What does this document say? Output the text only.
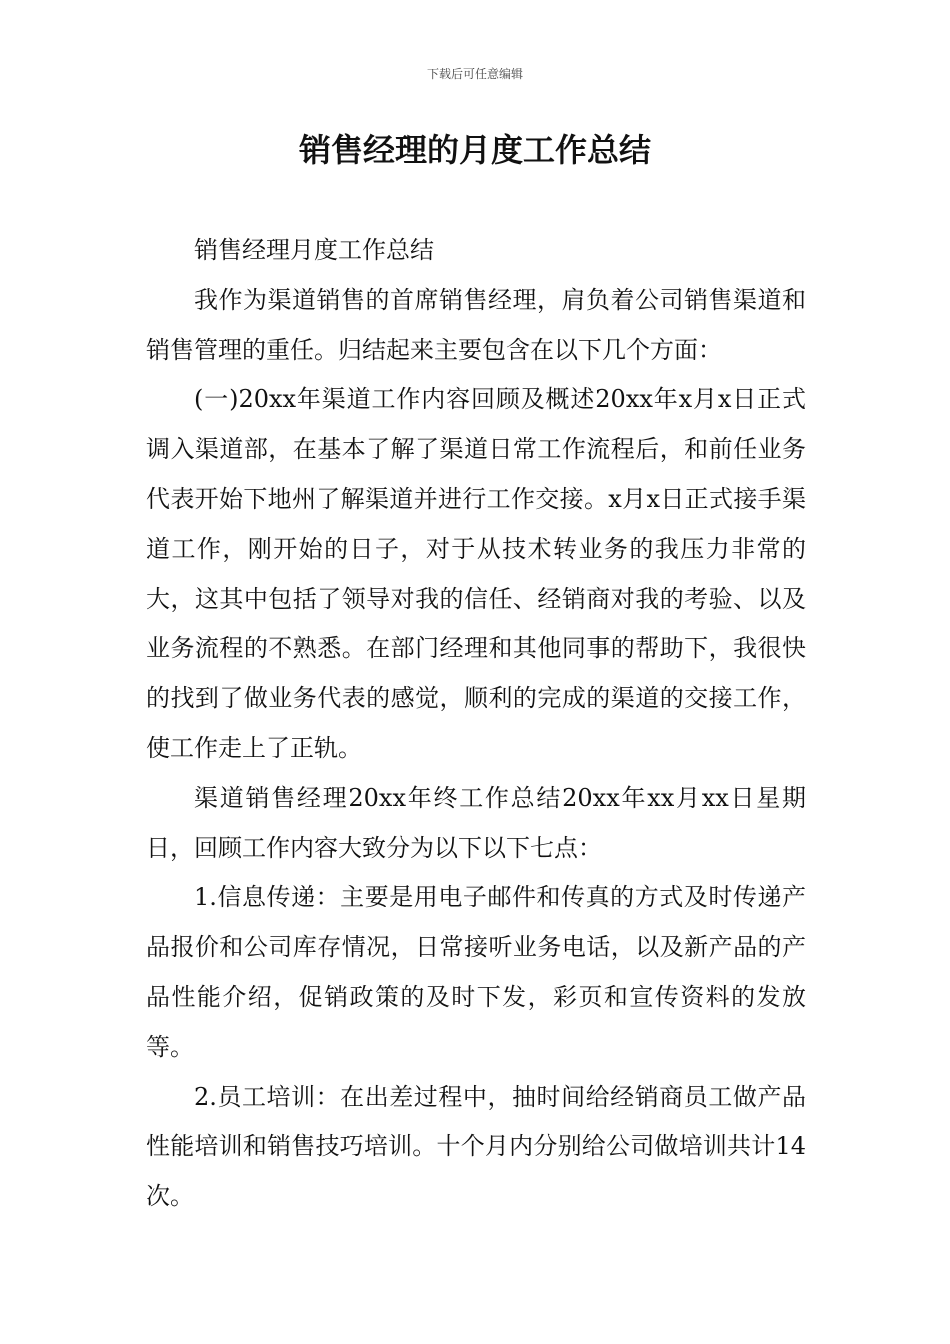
下载后可任意编辑
销售经理的月度工作总结

销售经理月度工作总结

我作为渠道销售的首席销售经理，肩负着公司销售渠道和销售管理的重任。归结起来主要包含在以下几个方面：

(一)20xx年渠道工作内容回顾及概述20xx年x月x日正式调入渠道部，在基本了解了渠道日常工作流程后，和前任业务代表开始下地州了解渠道并进行工作交接。x月x日正式接手渠道工作，刚开始的日子，对于从技术转业务的我压力非常的大，这其中包括了领导对我的信任、经销商对我的考验、以及业务流程的不熟悉。在部门经理和其他同事的帮助下，我很快的找到了做业务代表的感觉，顺利的完成的渠道的交接工作，使工作走上了正轨。

渠道销售经理20xx年终工作总结20xx年xx月xx日星期日，回顾工作内容大致分为以下以下七点：

1.信息传递：主要是用电子邮件和传真的方式及时传递产品报价和公司库存情况，日常接听业务电话，以及新产品的产品性能介绍，促销政策的及时下发，彩页和宣传资料的发放等。

2.员工培训：在出差过程中，抽时间给经销商员工做产品性能培训和销售技巧培训。十个月内分别给公司做培训共计14次。
